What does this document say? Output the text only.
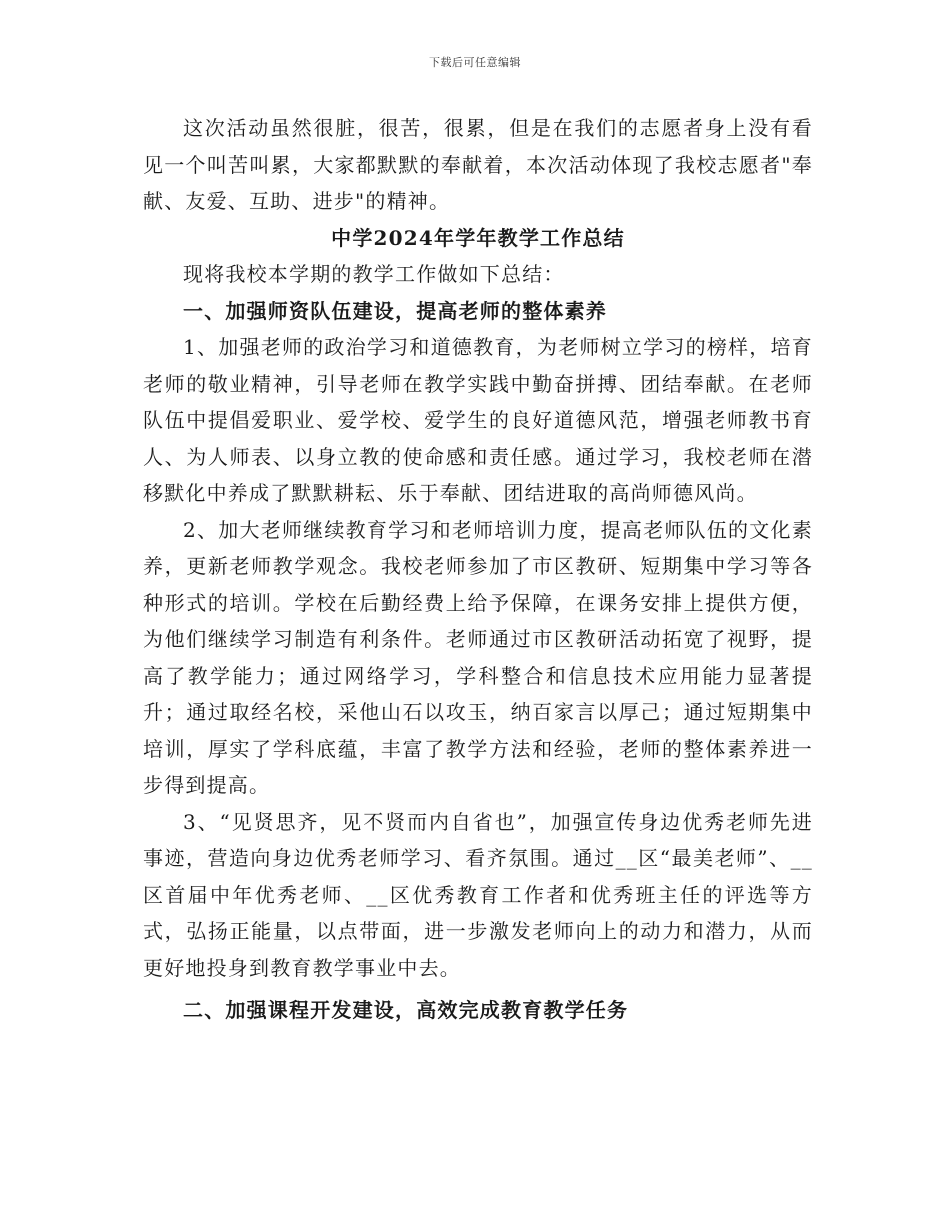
下载后可任意编辑

这次活动虽然很脏，很苦，很累，但是在我们的志愿者身上没有看见一个叫苦叫累，大家都默默的奉献着，本次活动体现了我校志愿者"奉献、友爱、互助、进步"的精神。

中学2024年学年教学工作总结

现将我校本学期的教学工作做如下总结：

一、加强师资队伍建设，提高老师的整体素养

1、加强老师的政治学习和道德教育，为老师树立学习的榜样，培育老师的敬业精神，引导老师在教学实践中勤奋拼搏、团结奉献。在老师队伍中提倡爱职业、爱学校、爱学生的良好道德风范，增强老师教书育人、为人师表、以身立教的使命感和责任感。通过学习，我校老师在潜移默化中养成了默默耕耘、乐于奉献、团结进取的高尚师德风尚。

2、加大老师继续教育学习和老师培训力度，提高老师队伍的文化素养，更新老师教学观念。我校老师参加了市区教研、短期集中学习等各种形式的培训。学校在后勤经费上给予保障，在课务安排上提供方便，为他们继续学习制造有利条件。老师通过市区教研活动拓宽了视野，提高了教学能力；通过网络学习，学科整合和信息技术应用能力显著提升；通过取经名校，采他山石以攻玉，纳百家言以厚己；通过短期集中培训，厚实了学科底蕴，丰富了教学方法和经验，老师的整体素养进一步得到提高。

3、“见贤思齐，见不贤而内自省也”，加强宣传身边优秀老师先进事迹，营造向身边优秀老师学习、看齐氛围。通过__区“最美老师”、__区首届中年优秀老师、__区优秀教育工作者和优秀班主任的评选等方式，弘扬正能量，以点带面，进一步激发老师向上的动力和潜力，从而更好地投身到教育教学事业中去。

二、加强课程开发建设，高效完成教育教学任务
